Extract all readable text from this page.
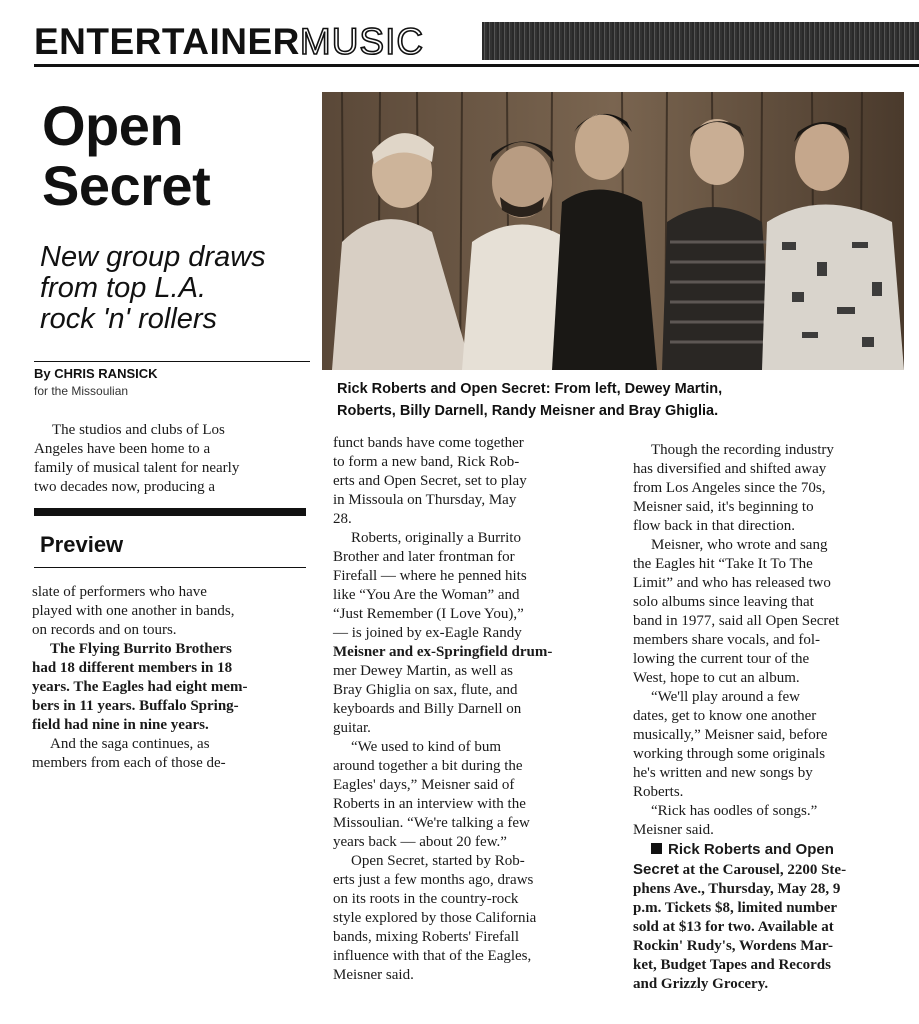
ENTERTAINERMUSIC
Open
Secret
New group draws
from top L.A.
rock 'n' rollers
By CHRIS RANSICK
for the Missoulian	Rick Roberts and Open Secret: From left, Dewey Martin,
Roberts, Billy Darnell, Randy Meisner and Bray Ghiglia.

The studios and clubs of Los
Angeles have been home to a
family of musical talent for nearly
two decades now, producing a

Preview

slate of performers who have
played with one another in bands,
on records and on tours.

The Flying Burrito Brothers
had 18 different members in 18
years. The Eagles had eight mem-
bers in 11 years. Buffalo Spring-
field had nine in nine years.

And the saga continues, as
members from each of those de-

funct bands have come together
to form a new band, Rick Rob-
erts and Open Secret, set to play
in Missoula on Thursday, May
28.

Roberts, originally a Burrito
Brother and later frontman for
Firefall — where he penned hits
like “You Are the Woman” and
“Just Remember (I Love You),”
— is joined by ex-Eagle Randy
Meisner and ex-Springfield drum-
mer Dewey Martin, as well as
Bray Ghiglia on sax, flute, and
keyboards and Billy Darnell on
guitar.

“We used to kind of bum
around together a bit during the
Eagles' days,” Meisner said of
Roberts in an interview with the
Missoulian. “We're talking a few
years back — about 20 few.”

Open Secret, started by Rob-
erts just a few months ago, draws
on its roots in the country-rock
style explored by those California
bands, mixing Roberts' Firefall
influence with that of the Eagles,
Meisner said.

Though the recording industry
has diversified and shifted away
from Los Angeles since the 70s,
Meisner said, it's beginning to
flow back in that direction.

Meisner, who wrote and sang
the Eagles hit “Take It To The
Limit” and who has released two
solo albums since leaving that
band in 1977, said all Open Secret
members share vocals, and fol-
lowing the current tour of the
West, hope to cut an album.

“We'll play around a few
dates, get to know one another
musically,” Meisner said, before
working through some originals
he's written and new songs by
Roberts.

“Rick has oodles of songs.”
Meisner said.

Rick Roberts and Open
Secret at the Carousel, 2200 Ste-
phens Ave., Thursday, May 28, 9
p.m. Tickets $8, limited number
sold at $13 for two. Available at
Rockin' Rudy's, Wordens Mar-
ket, Budget Tapes and Records
and Grizzly Grocery.
